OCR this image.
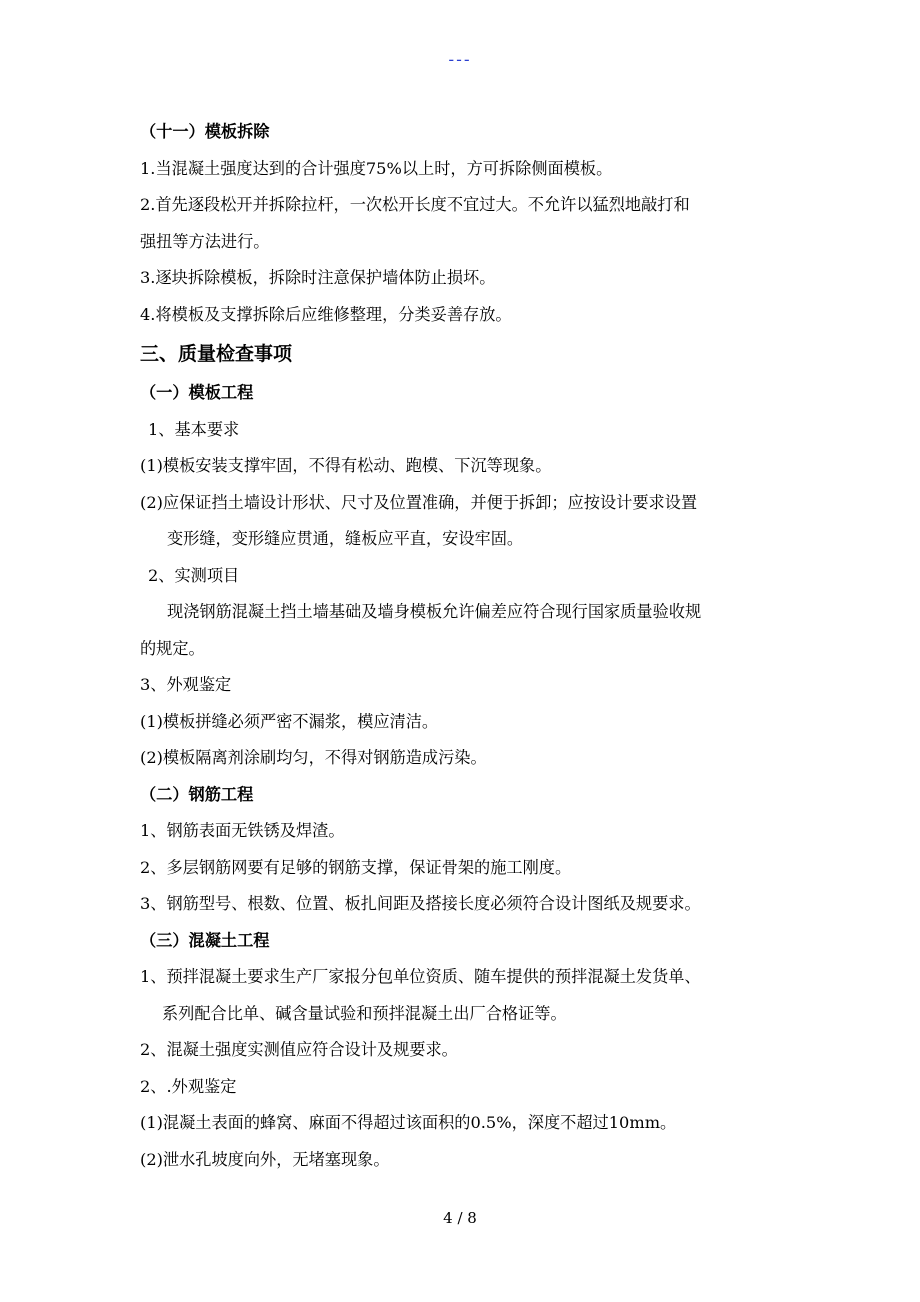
---

（十一）模板拆除

1.当混凝土强度达到的合计强度75%以上时，方可拆除侧面模板。

2.首先逐段松开并拆除拉杆，一次松开长度不宜过大。不允许以猛烈地敲打和

强扭等方法进行。

3.逐块拆除模板，拆除时注意保护墙体防止损坏。

4.将模板及支撑拆除后应维修整理，分类妥善存放。

三、质量检查事项

（一）模板工程

1、基本要求

(1)模板安装支撑牢固，不得有松动、跑模、下沉等现象。

(2)应保证挡土墙设计形状、尺寸及位置准确，并便于拆卸；应按设计要求设置

变形缝，变形缝应贯通，缝板应平直，安设牢固。

2、实测项目

现浇钢筋混凝土挡土墙基础及墙身模板允许偏差应符合现行国家质量验收规

的规定。

3、外观鉴定

(1)模板拼缝必须严密不漏浆，模应清洁。

(2)模板隔离剂涂刷均匀，不得对钢筋造成污染。

（二）钢筋工程

1、钢筋表面无铁锈及焊渣。

2、多层钢筋网要有足够的钢筋支撑，保证骨架的施工刚度。

3、钢筋型号、根数、位置、板扎间距及搭接长度必须符合设计图纸及规要求。

（三）混凝土工程

1、预拌混凝土要求生产厂家报分包单位资质、随车提供的预拌混凝土发货单、

系列配合比单、碱含量试验和预拌混凝土出厂合格证等。

2、混凝土强度实测值应符合设计及规要求。

2、.外观鉴定

(1)混凝土表面的蜂窝、麻面不得超过该面积的0.5%，深度不超过10mm。

(2)泄水孔坡度向外，无堵塞现象。

4 / 8
